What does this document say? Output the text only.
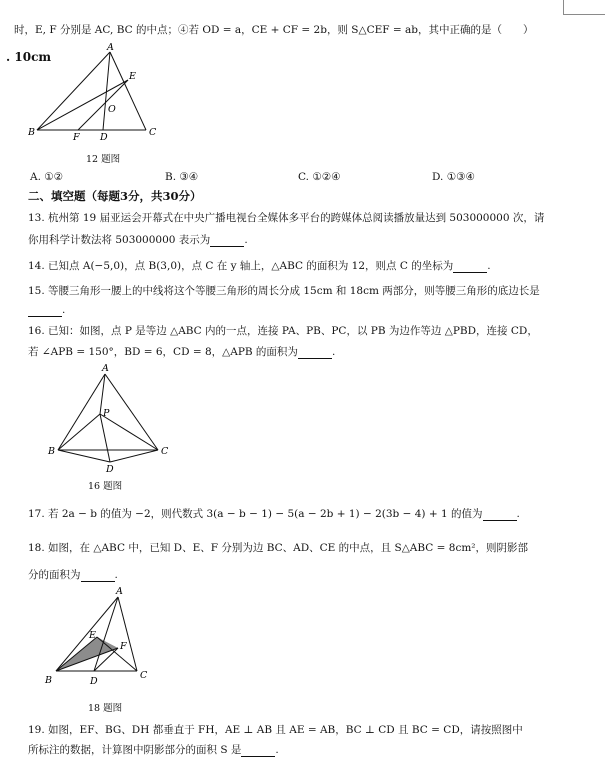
时，E, F 分别是 AC, BC 的中点；④若 OD = a，CE + CF = 2b，则 S△CEF = ab，其中正确的是（　　）
. 10cm
A
B	C
D
E
F
O
12 题图
A. ①②	B. ③④	C. ①②④	D. ①③④
二、填空题（每题3分，共30分）
13. 杭州第 19 届亚运会开幕式在中央广播电视台全媒体多平台的跨媒体总阅读播放量达到 503000000 次，请
你用科学计数法将 503000000 表示为	.
14. 已知点 A(−5,0)，点 B(3,0)，点 C 在 y 轴上，△ABC 的面积为 12，则点 C 的坐标为	.
15. 等腰三角形一腰上的中线将这个等腰三角形的周长分成 15cm 和 18cm 两部分，则等腰三角形的底边长是
.
16. 已知：如图，点 P 是等边 △ABC 内的一点，连接 PA、PB、PC，以 PB 为边作等边 △PBD，连接 CD，
若 ∠APB = 150°，BD = 6，CD = 8，△APB 的面积为	.
A
B	C
D
P
16 题图
17. 若 2a − b 的值为 −2，则代数式 3(a − b − 1) − 5(a − 2b + 1) − 2(3b − 4) + 1 的值为	.
18. 如图，在 △ABC 中，已知 D、E、F 分别为边 BC、AD、CE 的中点，且 S△ABC = 8cm²，则阴影部
分的面积为	.
A
B	C
D
E
F
18 题图
19. 如图，EF、BG、DH 都垂直于 FH，AE ⊥ AB 且 AE = AB，BC ⊥ CD 且 BC = CD，请按照图中
所标注的数据，计算图中阴影部分的面积 S 是	.
